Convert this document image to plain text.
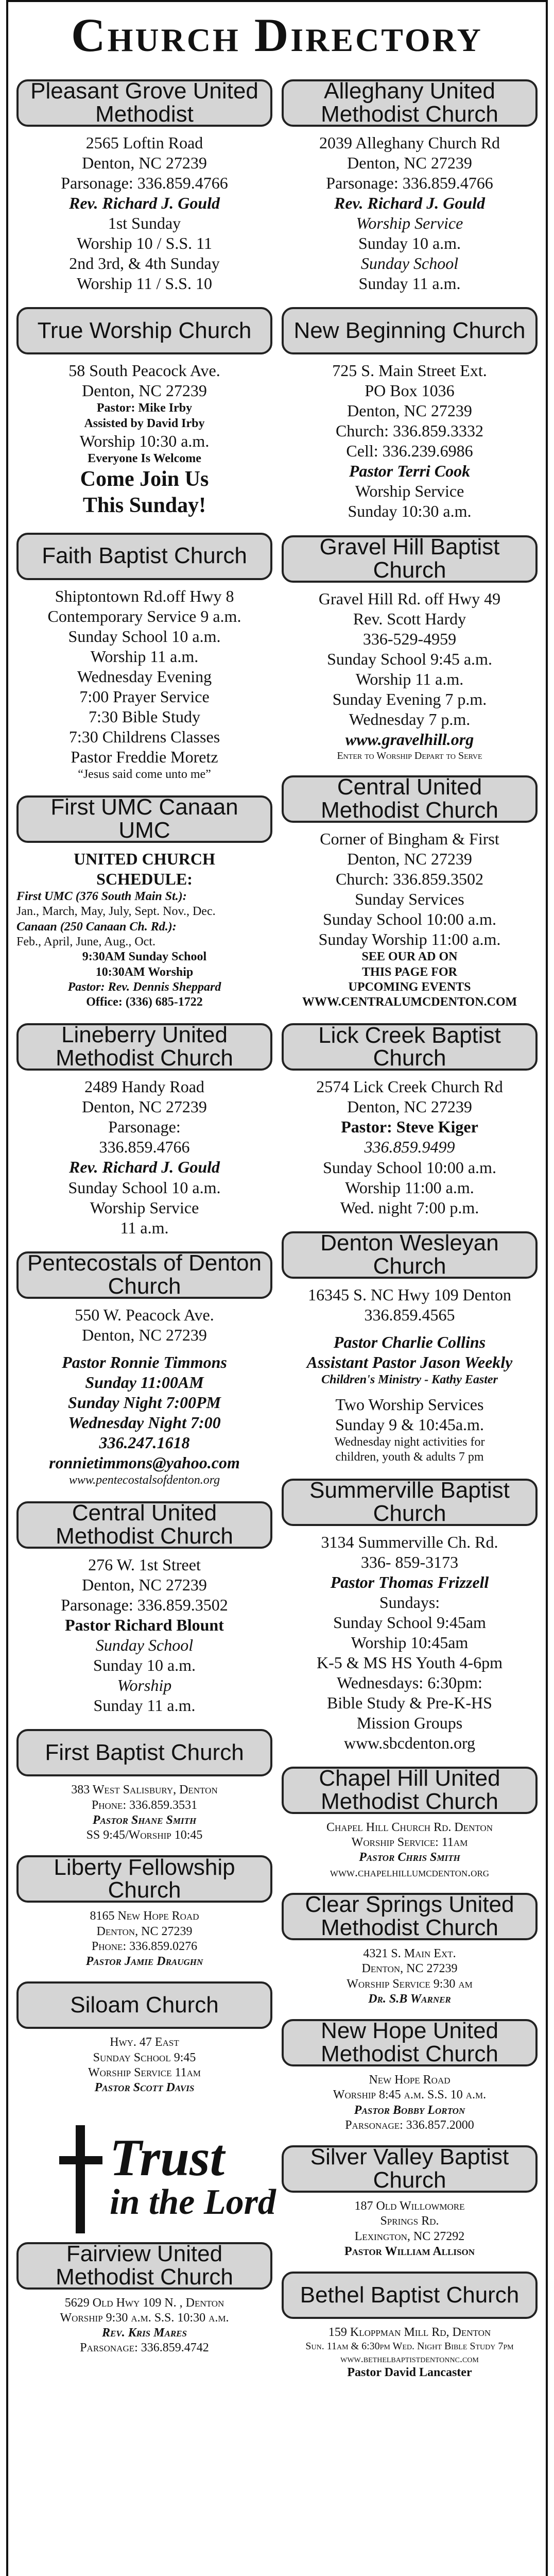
Church Directory
Pleasant Grove United Methodist
2565 Loftin Road
Denton, NC 27239
Parsonage: 336.859.4766
Rev. Richard J. Gould
1st Sunday
Worship 10 / S.S. 11
2nd 3rd, & 4th Sunday
Worship 11 / S.S. 10
True Worship Church
58 South Peacock Ave.
Denton, NC 27239
Pastor: Mike Irby
Assisted by David Irby
Worship 10:30 a.m.
Everyone Is Welcome
Come Join Us
This Sunday!
Faith Baptist Church
Shiptontown Rd.off Hwy 8
Contemporary Service 9 a.m.
Sunday School 10 a.m.
Worship 11 a.m.
Wednesday Evening
7:00 Prayer Service
7:30 Bible Study
7:30 Childrens Classes
Pastor Freddie Moretz
“Jesus said come unto me”
First UMC Canaan UMC
UNITED CHURCH
SCHEDULE:
First UMC (376 South Main St.):
Jan., March, May, July, Sept. Nov., Dec.
Canaan (250 Canaan Ch. Rd.):
Feb., April, June, Aug., Oct.
9:30AM Sunday School
10:30AM Worship
Pastor: Rev. Dennis Sheppard
Office: (336) 685-1722
Lineberry United Methodist Church
2489 Handy Road
Denton, NC 27239
Parsonage:
336.859.4766
Rev. Richard J. Gould
Sunday School 10 a.m.
Worship Service
11 a.m.
Pentecostals of Denton Church
550 W. Peacock Ave.
Denton, NC 27239
Pastor Ronnie Timmons
Sunday 11:00AM
Sunday Night 7:00PM
Wednesday Night 7:00
336.247.1618
ronnietimmons@yahoo.com
www.pentecostalsofdenton.org
Central United Methodist Church
276 W. 1st Street
Denton, NC 27239
Parsonage: 336.859.3502
Pastor Richard Blount
Sunday School
Sunday 10 a.m.
Worship
Sunday 11 a.m.
First Baptist Church
383 West Salisbury, Denton
Phone: 336.859.3531
Pastor Shane Smith
SS 9:45/Worship 10:45
Liberty Fellowship Church
8165 New Hope Road
Denton, NC 27239
Phone: 336.859.0276
Pastor Jamie Draughn
Siloam Church
Hwy. 47 East
Sunday School 9:45
Worship Service 11am
Pastor Scott Davis
Trust
in the Lord
Fairview United Methodist Church
5629 Old Hwy 109 N. , Denton
Worship 9:30 a.m. S.S. 10:30 a.m.
Rev. Kris Mares
Parsonage: 336.859.4742
Alleghany United Methodist Church
2039 Alleghany Church Rd
Denton, NC 27239
Parsonage: 336.859.4766
Rev. Richard J. Gould
Worship Service
Sunday 10 a.m.
Sunday School
Sunday 11 a.m.
New Beginning Church
725 S. Main Street Ext.
PO Box 1036
Denton, NC 27239
Church: 336.859.3332
Cell: 336.239.6986
Pastor Terri Cook
Worship Service
Sunday 10:30 a.m.
Gravel Hill Baptist Church
Gravel Hill Rd. off Hwy 49
Rev. Scott Hardy
336-529-4959
Sunday School 9:45 a.m.
Worship 11 a.m.
Sunday Evening 7 p.m.
Wednesday 7 p.m.
www.gravelhill.org
Enter to Worship Depart to Serve
Central United Methodist Church
Corner of Bingham & First
Denton, NC 27239
Church: 336.859.3502
Sunday Services
Sunday School 10:00 a.m.
Sunday Worship 11:00 a.m.
SEE OUR AD ON
THIS PAGE FOR
UPCOMING EVENTS
WWW.CENTRALUMCDENTON.COM
Lick Creek Baptist Church
2574 Lick Creek Church Rd
Denton, NC 27239
Pastor: Steve Kiger
336.859.9499
Sunday School 10:00 a.m.
Worship 11:00 a.m.
Wed. night 7:00 p.m.
Denton Wesleyan Church
16345 S. NC Hwy 109 Denton
336.859.4565
Pastor Charlie Collins
Assistant Pastor Jason Weekly
Children's Ministry - Kathy Easter
Two Worship Services
Sunday 9 & 10:45a.m.
Wednesday night activities for
children, youth & adults 7 pm
Summerville Baptist Church
3134 Summerville Ch. Rd.
336- 859-3173
Pastor Thomas Frizzell
Sundays:
Sunday School 9:45am
Worship 10:45am
K-5 & MS HS Youth 4-6pm
Wednesdays: 6:30pm:
Bible Study & Pre-K-HS
Mission Groups
www.sbcdenton.org
Chapel Hill United Methodist Church
Chapel Hill Church Rd. Denton
Worship Service: 11am
Pastor Chris Smith
www.chapelhillumcdenton.org
Clear Springs United Methodist Church
4321 S. Main Ext.
Denton, NC 27239
Worship Service 9:30 am
Dr. S.B Warner
New Hope United Methodist Church
New Hope Road
Worship 8:45 a.m. S.S. 10 a.m.
Pastor Bobby Lorton
Parsonage: 336.857.2000
Silver Valley Baptist Church
187 Old Willowmore
Springs Rd.
Lexington, NC 27292
Pastor William Allison
Bethel Baptist Church
159 Kloppman Mill Rd, Denton
Sun. 11am & 6:30pm Wed. Night Bible Study 7pm
www.bethelbaptistdentonnc.com
Pastor David Lancaster
